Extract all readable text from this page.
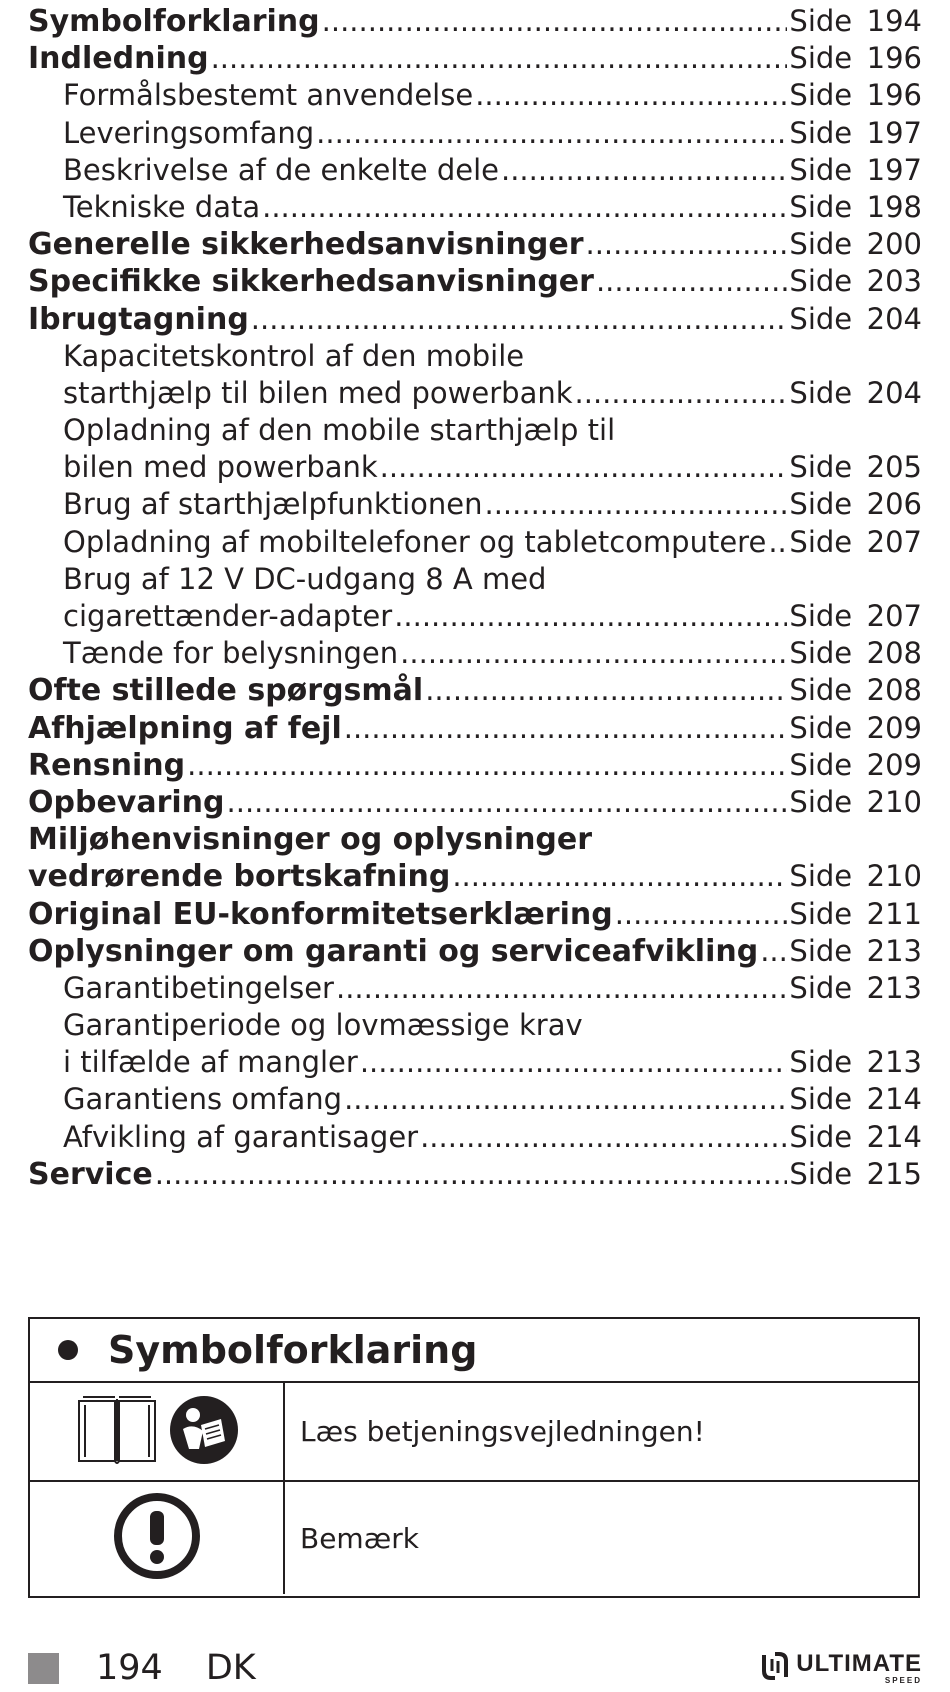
Symbolforklaring .....	Side  194
Indledning .....	Side  196
Formålsbestemt anvendelse .....	Side  196
Leveringsomfang .....	Side  197
Beskrivelse af de enkelte dele .....	Side  197
Tekniske data .....	Side  198
Generelle sikkerhedsanvisninger .....	Side  200
Specifikke sikkerhedsanvisninger .....	Side  203
Ibrugtagning .....	Side  204
Kapacitetskontrol af den mobile
starthjælp til bilen med powerbank .....	Side  204
Opladning af den mobile starthjælp til
bilen med powerbank .....	Side  205
Brug af starthjælpfunktionen .....	Side  206
Opladning af mobiltelefoner og tabletcomputere ..... Side  207
Brug af 12 V DC-udgang 8 A med
cigarettænder-adapter .....	Side  207
Tænde for belysningen .....	Side  208
Ofte stillede spørgsmål .....	Side  208
Afhjælpning af fejl .....	Side  209
Rensning .....	Side  209
Opbevaring .....	Side  210
Miljøhenvisninger og oplysninger
vedrørende bortskafning .....	Side  210
Original EU-konformitetserklæring .....	Side  211
Oplysninger om garanti og serviceafvikling ..... Side  213
Garantibetingelser .....	Side  213
Garantiperiode og lovmæssige krav
i tilfælde af mangler .....	Side  213
Garantiens omfang .....	Side  214
Afvikling af garantisager .....	Side  214
Service .....	Side  215
Symbolforklaring
Læs betjeningsvejledningen!
Bemærk
194 DK	ULTIMATE
SPEED
